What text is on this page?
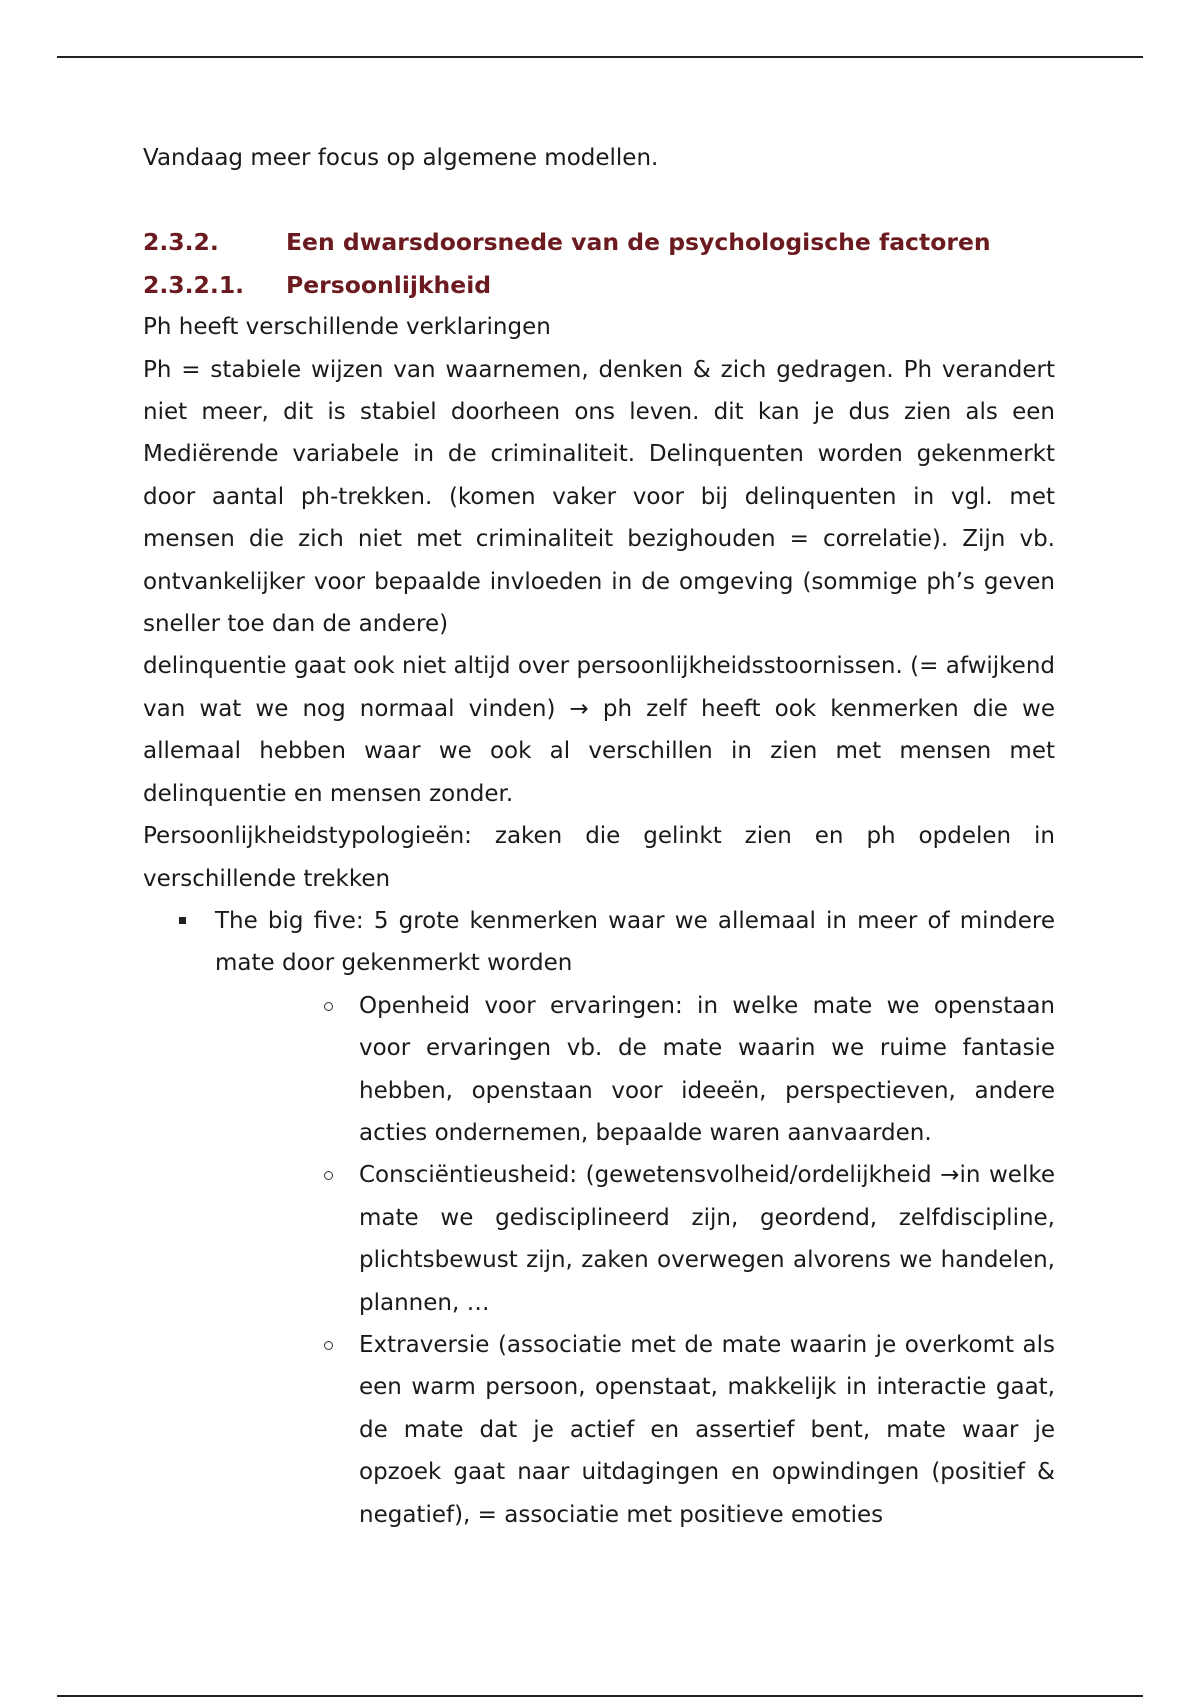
Vandaag meer focus op algemene modellen.

2.3.2.	Een dwarsdoorsnede van de psychologische factoren
2.3.2.1. Persoonlijkheid

Ph heeft verschillende verklaringen

Ph = stabiele wijzen van waarnemen, denken & zich gedragen. Ph verandert niet meer, dit is stabiel doorheen ons leven. dit kan je dus zien als een Mediërende variabele in de criminaliteit. Delinquenten worden gekenmerkt door aantal ph-trekken. (komen vaker voor bij delinquenten in vgl. met mensen die zich niet met criminaliteit bezighouden = correlatie). Zijn vb. ontvankelijker voor bepaalde invloeden in de omgeving (sommige ph’s geven sneller toe dan de andere)

delinquentie gaat ook niet altijd over persoonlijkheidsstoornissen. (= afwijkend van wat we nog normaal vinden) → ph zelf heeft ook kenmerken die we allemaal hebben waar we ook al verschillen in zien met mensen met delinquentie en mensen zonder.

Persoonlijkheidstypologieën: zaken die gelinkt zien en ph opdelen in verschillende trekken

The big five: 5 grote kenmerken waar we allemaal in meer of mindere mate door gekenmerkt worden

Openheid voor ervaringen: in welke mate we openstaan voor ervaringen vb. de mate waarin we ruime fantasie hebben, openstaan voor ideeën, perspectieven, andere acties ondernemen, bepaalde waren aanvaarden.

Consciëntieusheid: (gewetensvolheid/ordelijkheid →in welke mate we gedisciplineerd zijn, geordend, zelfdiscipline, plichtsbewust zijn, zaken overwegen alvorens we handelen, plannen, …

Extraversie (associatie met de mate waarin je overkomt als een warm persoon, openstaat, makkelijk in interactie gaat, de mate dat je actief en assertief bent, mate waar je opzoek gaat naar uitdagingen en opwindingen (positief & negatief), = associatie met positieve emoties
